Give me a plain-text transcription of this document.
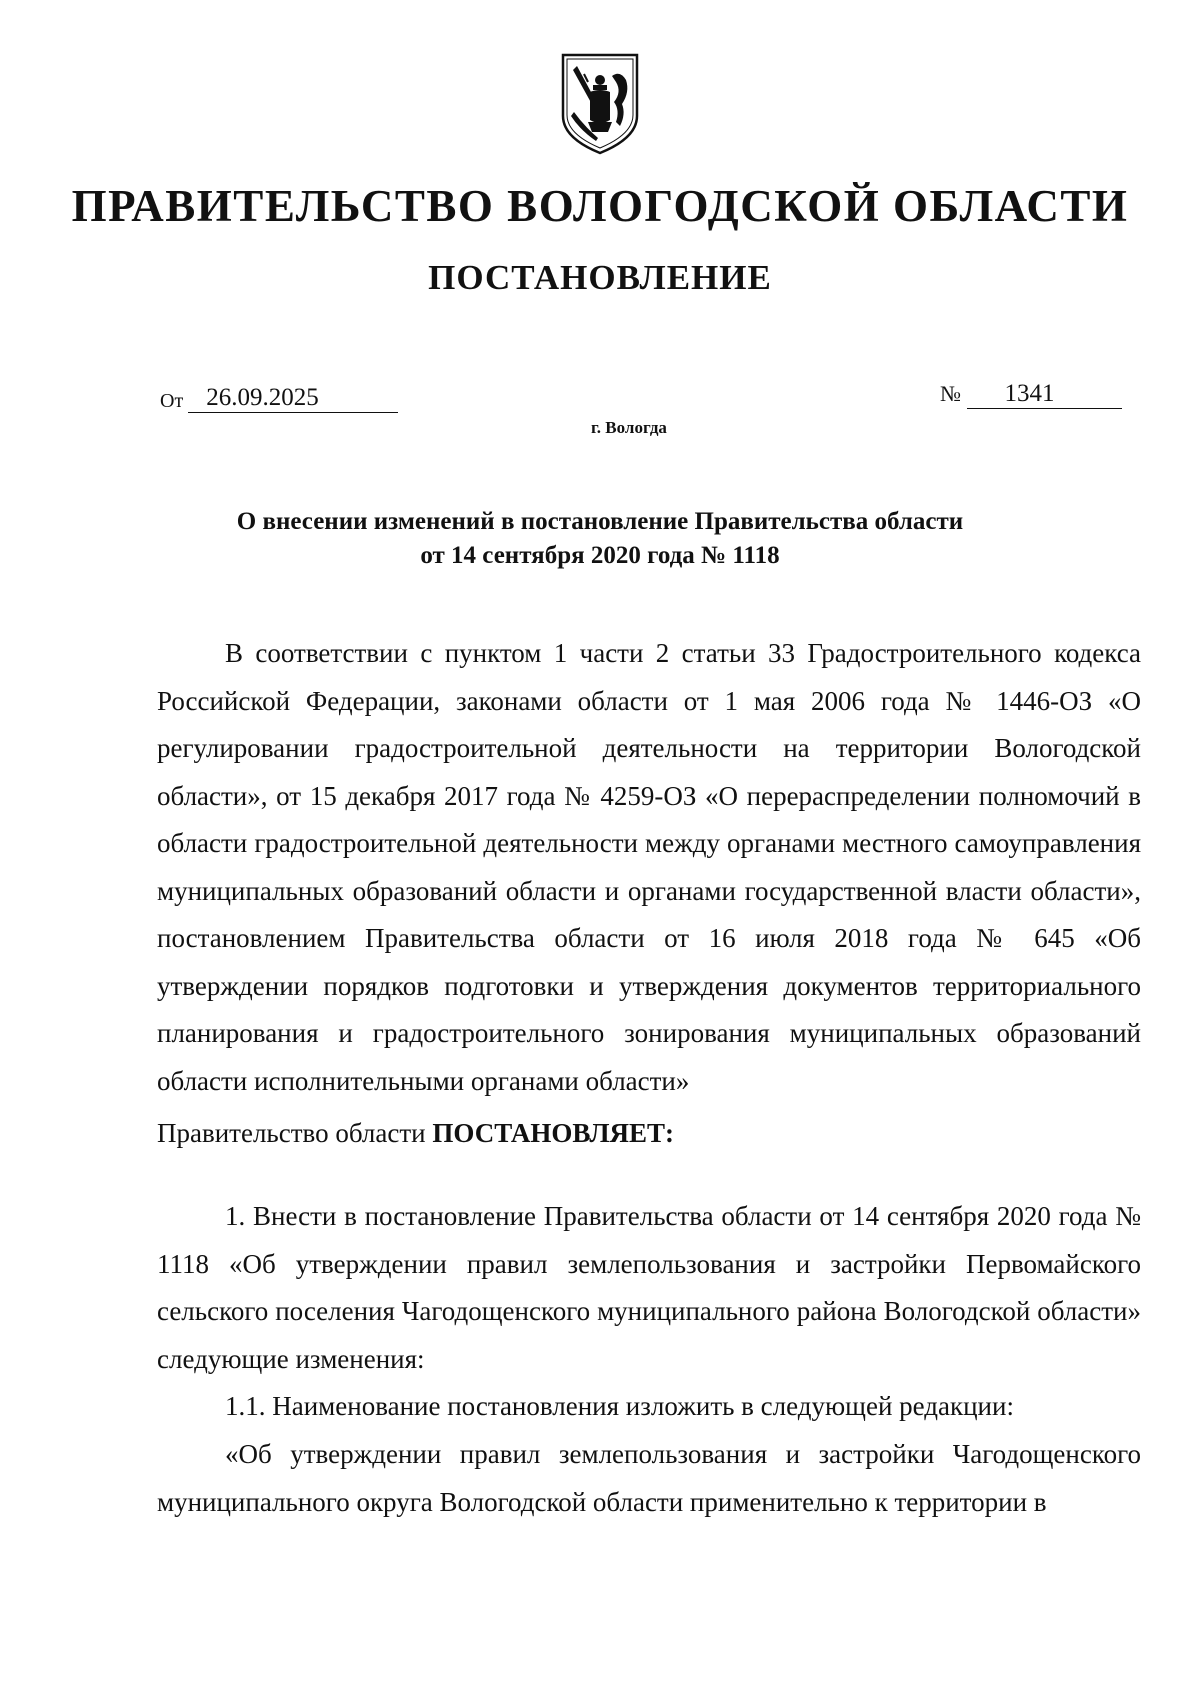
ПРАВИТЕЛЬСТВО ВОЛОГОДСКОЙ ОБЛАСТИ
ПОСТАНОВЛЕНИЕ
От 26.09.2025	№ 1341
г. Вологда

О внесении изменений в постановление Правительства области
от 14 сентября 2020 года № 1118

В соответствии с пунктом 1 части 2 статьи 33 Градостроительного кодекса Российской Федерации, законами области от 1 мая 2006 года № 1446-ОЗ «О регулировании градостроительной деятельности на территории Вологодской области», от 15 декабря 2017 года № 4259-ОЗ «О перераспределении полномочий в области градостроительной деятельности между органами местного самоуправления муниципальных образований области и органами государственной власти области», постановлением Правительства области от 16 июля 2018 года № 645 «Об утверждении порядков подготовки и утверждения документов территориального планирования и градостроительного зонирования муниципальных образований области исполнительными органами области»

Правительство области ПОСТАНОВЛЯЕТ:

1. Внести в постановление Правительства области от 14 сентября 2020 года № 1118 «Об утверждении правил землепользования и застройки Первомайского сельского поселения Чагодощенского муниципального района Вологодской области» следующие изменения:

1.1. Наименование постановления изложить в следующей редакции:

«Об утверждении правил землепользования и застройки Чагодощенского муниципального округа Вологодской области применительно к территории в
